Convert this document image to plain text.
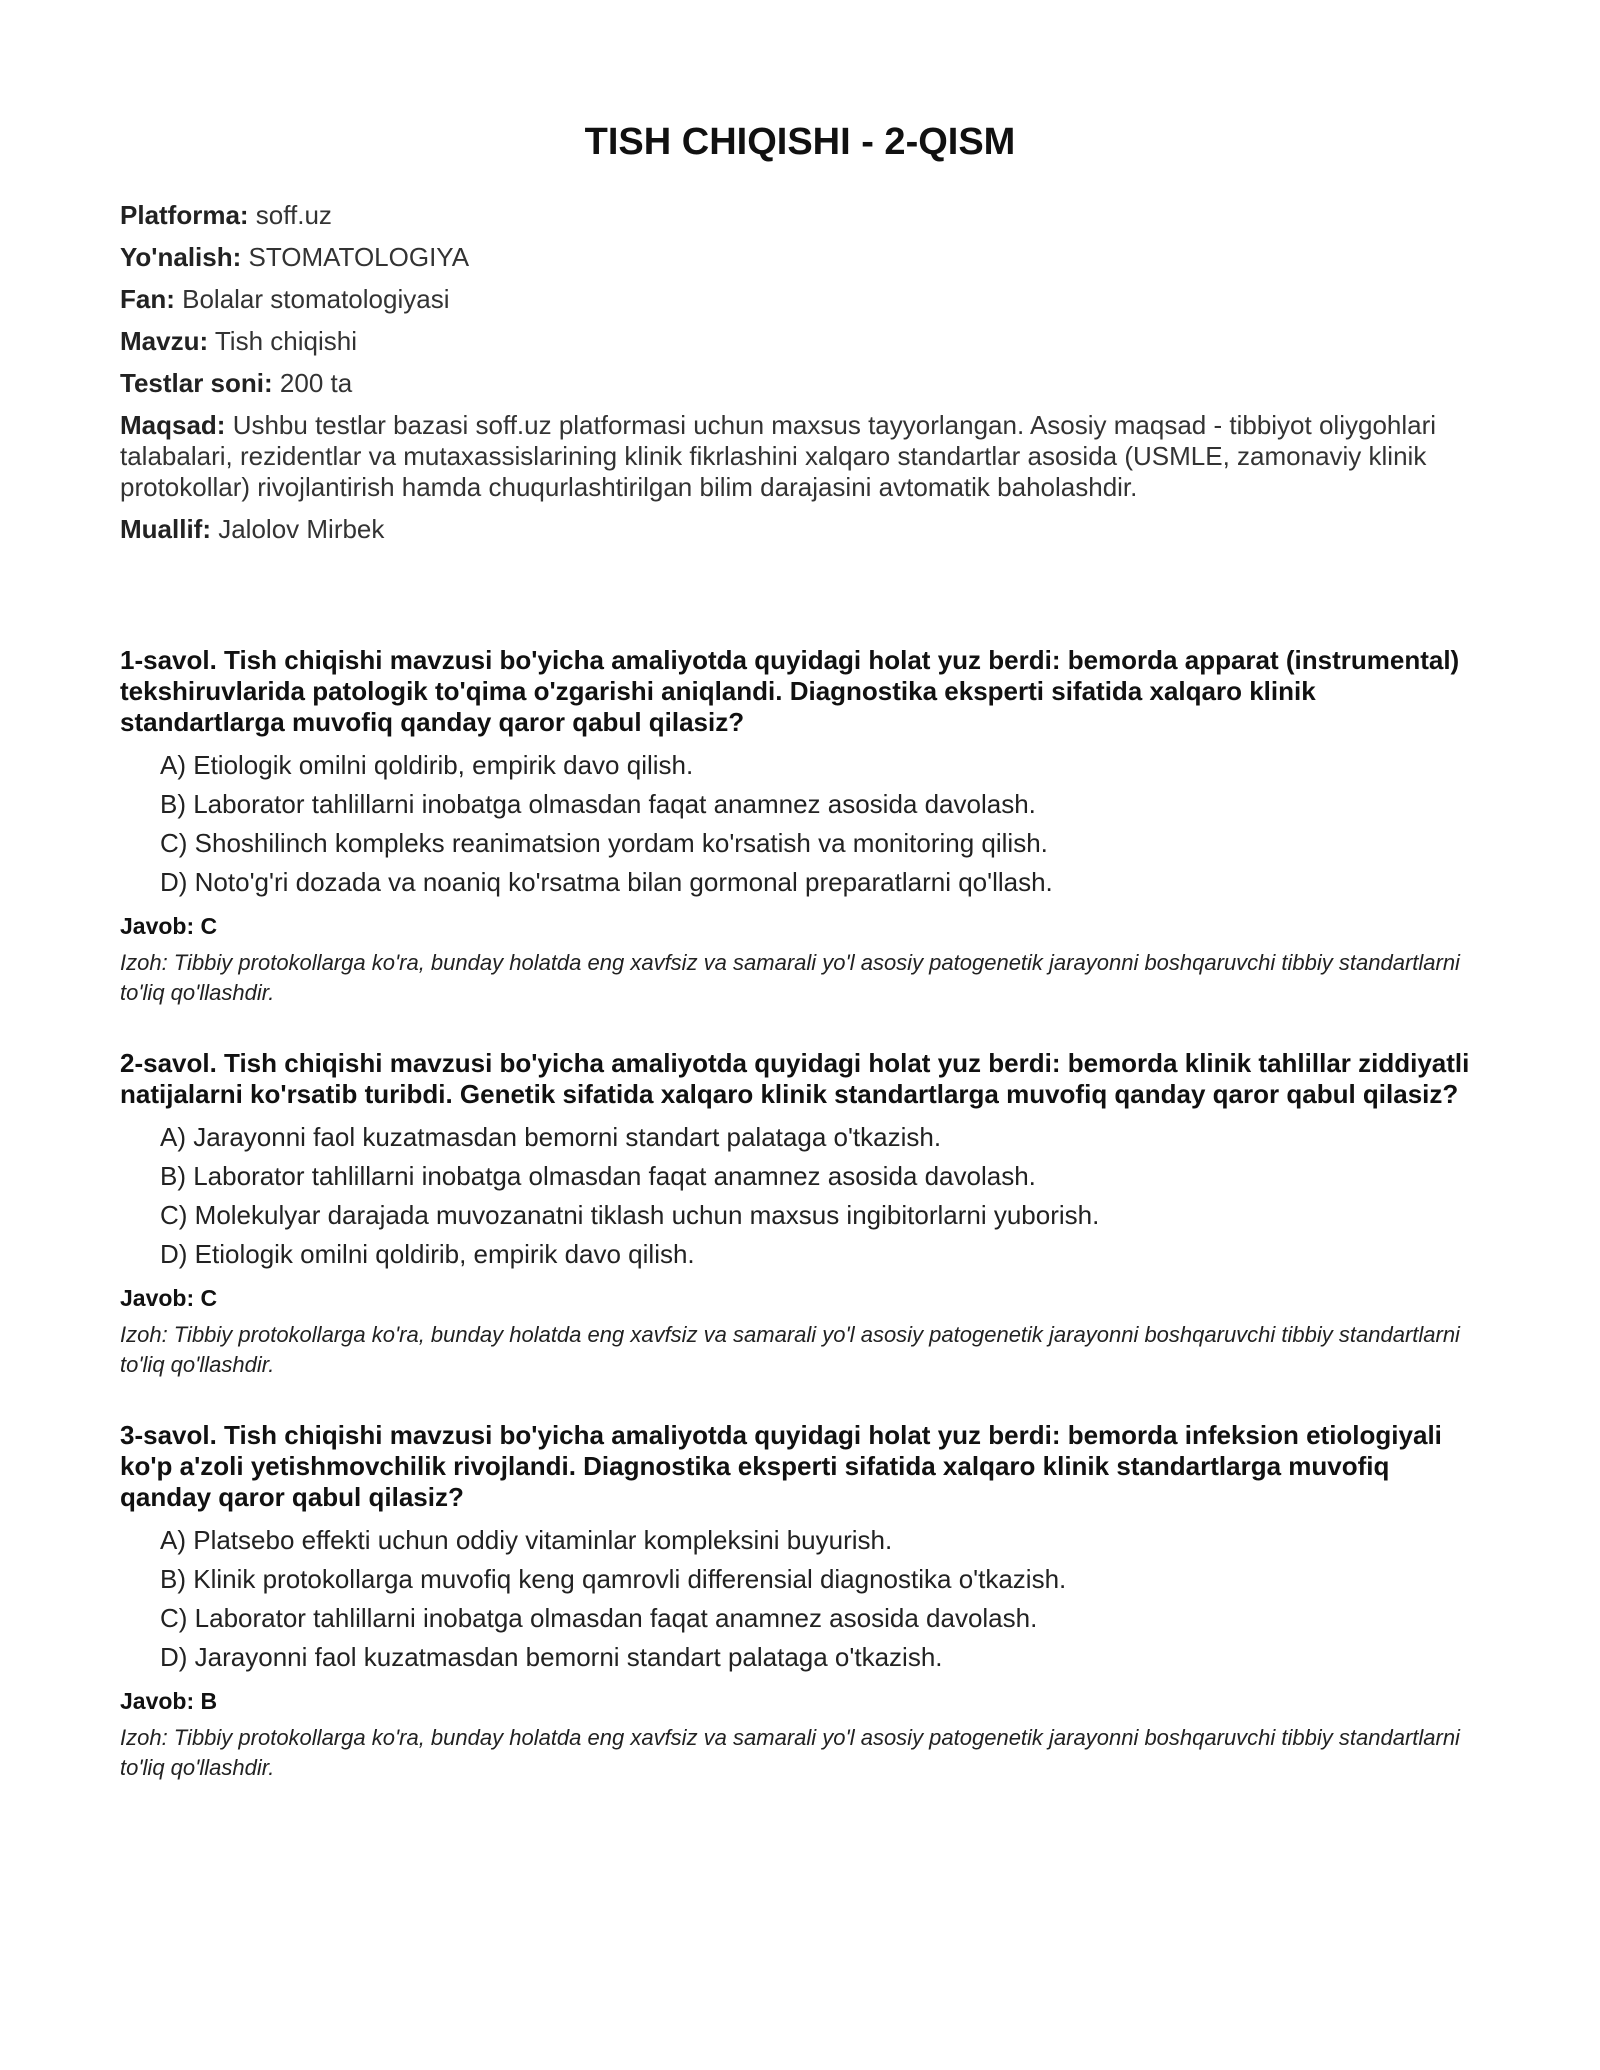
TISH CHIQISHI - 2-QISM

Platforma: soff.uz

Yo'nalish: STOMATOLOGIYA

Fan: Bolalar stomatologiyasi

Mavzu: Tish chiqishi

Testlar soni: 200 ta

Maqsad: Ushbu testlar bazasi soff.uz platformasi uchun maxsus tayyorlangan. Asosiy maqsad - tibbiyot oliygohlari talabalari, rezidentlar va mutaxassislarining klinik fikrlashini xalqaro standartlar asosida (USMLE, zamonaviy klinik protokollar) rivojlantirish hamda chuqurlashtirilgan bilim darajasini avtomatik baholashdir.

Muallif: Jalolov Mirbek

1-savol. Tish chiqishi mavzusi bo'yicha amaliyotda quyidagi holat yuz berdi: bemorda apparat (instrumental) tekshiruvlarida patologik to'qima o'zgarishi aniqlandi. Diagnostika eksperti sifatida xalqaro klinik standartlarga muvofiq qanday qaror qabul qilasiz?

A) Etiologik omilni qoldirib, empirik davo qilish.
B) Laborator tahlillarni inobatga olmasdan faqat anamnez asosida davolash.
C) Shoshilinch kompleks reanimatsion yordam ko'rsatish va monitoring qilish.
D) Noto'g'ri dozada va noaniq ko'rsatma bilan gormonal preparatlarni qo'llash.

Javob: C

Izoh: Tibbiy protokollarga ko'ra, bunday holatda eng xavfsiz va samarali yo'l asosiy patogenetik jarayonni boshqaruvchi tibbiy standartlarni to'liq qo'llashdir.

2-savol. Tish chiqishi mavzusi bo'yicha amaliyotda quyidagi holat yuz berdi: bemorda klinik tahlillar ziddiyatli natijalarni ko'rsatib turibdi. Genetik sifatida xalqaro klinik standartlarga muvofiq qanday qaror qabul qilasiz?

A) Jarayonni faol kuzatmasdan bemorni standart palataga o'tkazish.
B) Laborator tahlillarni inobatga olmasdan faqat anamnez asosida davolash.
C) Molekulyar darajada muvozanatni tiklash uchun maxsus ingibitorlarni yuborish.
D) Etiologik omilni qoldirib, empirik davo qilish.

Javob: C

Izoh: Tibbiy protokollarga ko'ra, bunday holatda eng xavfsiz va samarali yo'l asosiy patogenetik jarayonni boshqaruvchi tibbiy standartlarni to'liq qo'llashdir.

3-savol. Tish chiqishi mavzusi bo'yicha amaliyotda quyidagi holat yuz berdi: bemorda infeksion etiologiyali ko'p a'zoli yetishmovchilik rivojlandi. Diagnostika eksperti sifatida xalqaro klinik standartlarga muvofiq qanday qaror qabul qilasiz?

A) Platsebo effekti uchun oddiy vitaminlar kompleksini buyurish.
B) Klinik protokollarga muvofiq keng qamrovli differensial diagnostika o'tkazish.
C) Laborator tahlillarni inobatga olmasdan faqat anamnez asosida davolash.
D) Jarayonni faol kuzatmasdan bemorni standart palataga o'tkazish.

Javob: B

Izoh: Tibbiy protokollarga ko'ra, bunday holatda eng xavfsiz va samarali yo'l asosiy patogenetik jarayonni boshqaruvchi tibbiy standartlarni to'liq qo'llashdir.
